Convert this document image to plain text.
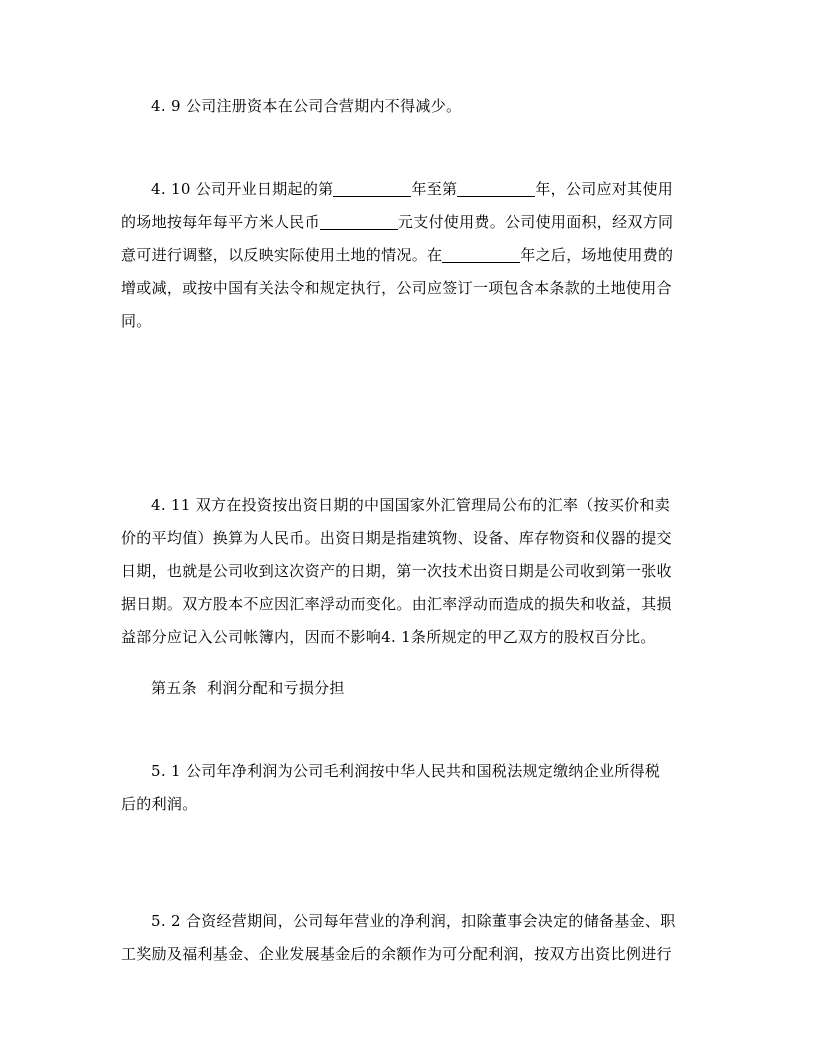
4. 9 公司注册资本在公司合营期内不得减少。

4. 10 公司开业日期起的第	年至第	年，公司应对其使用
的场地按每年每平方米人民币	元支付使用费。公司使用面积，经双方同
意可进行调整，以反映实际使用土地的情况。在	年之后，场地使用费的
增或减，或按中国有关法令和规定执行，公司应签订一项包含本条款的土地使用合
同。

4. 11 双方在投资按出资日期的中国国家外汇管理局公布的汇率（按买价和卖
价的平均值）换算为人民币。出资日期是指建筑物、设备、库存物资和仪器的提交
日期，也就是公司收到这次资产的日期，第一次技术出资日期是公司收到第一张收
据日期。双方股本不应因汇率浮动而变化。由汇率浮动而造成的损失和收益，其损
益部分应记入公司帐簿内，因而不影响4. 1条所规定的甲乙双方的股权百分比。

第五条  利润分配和亏损分担

5. 1 公司年净利润为公司毛利润按中华人民共和国税法规定缴纳企业所得税
后的利润。

5. 2 合资经营期间，公司每年营业的净利润，扣除董事会决定的储备基金、职
工奖励及福利基金、企业发展基金后的余额作为可分配利润，按双方出资比例进行
